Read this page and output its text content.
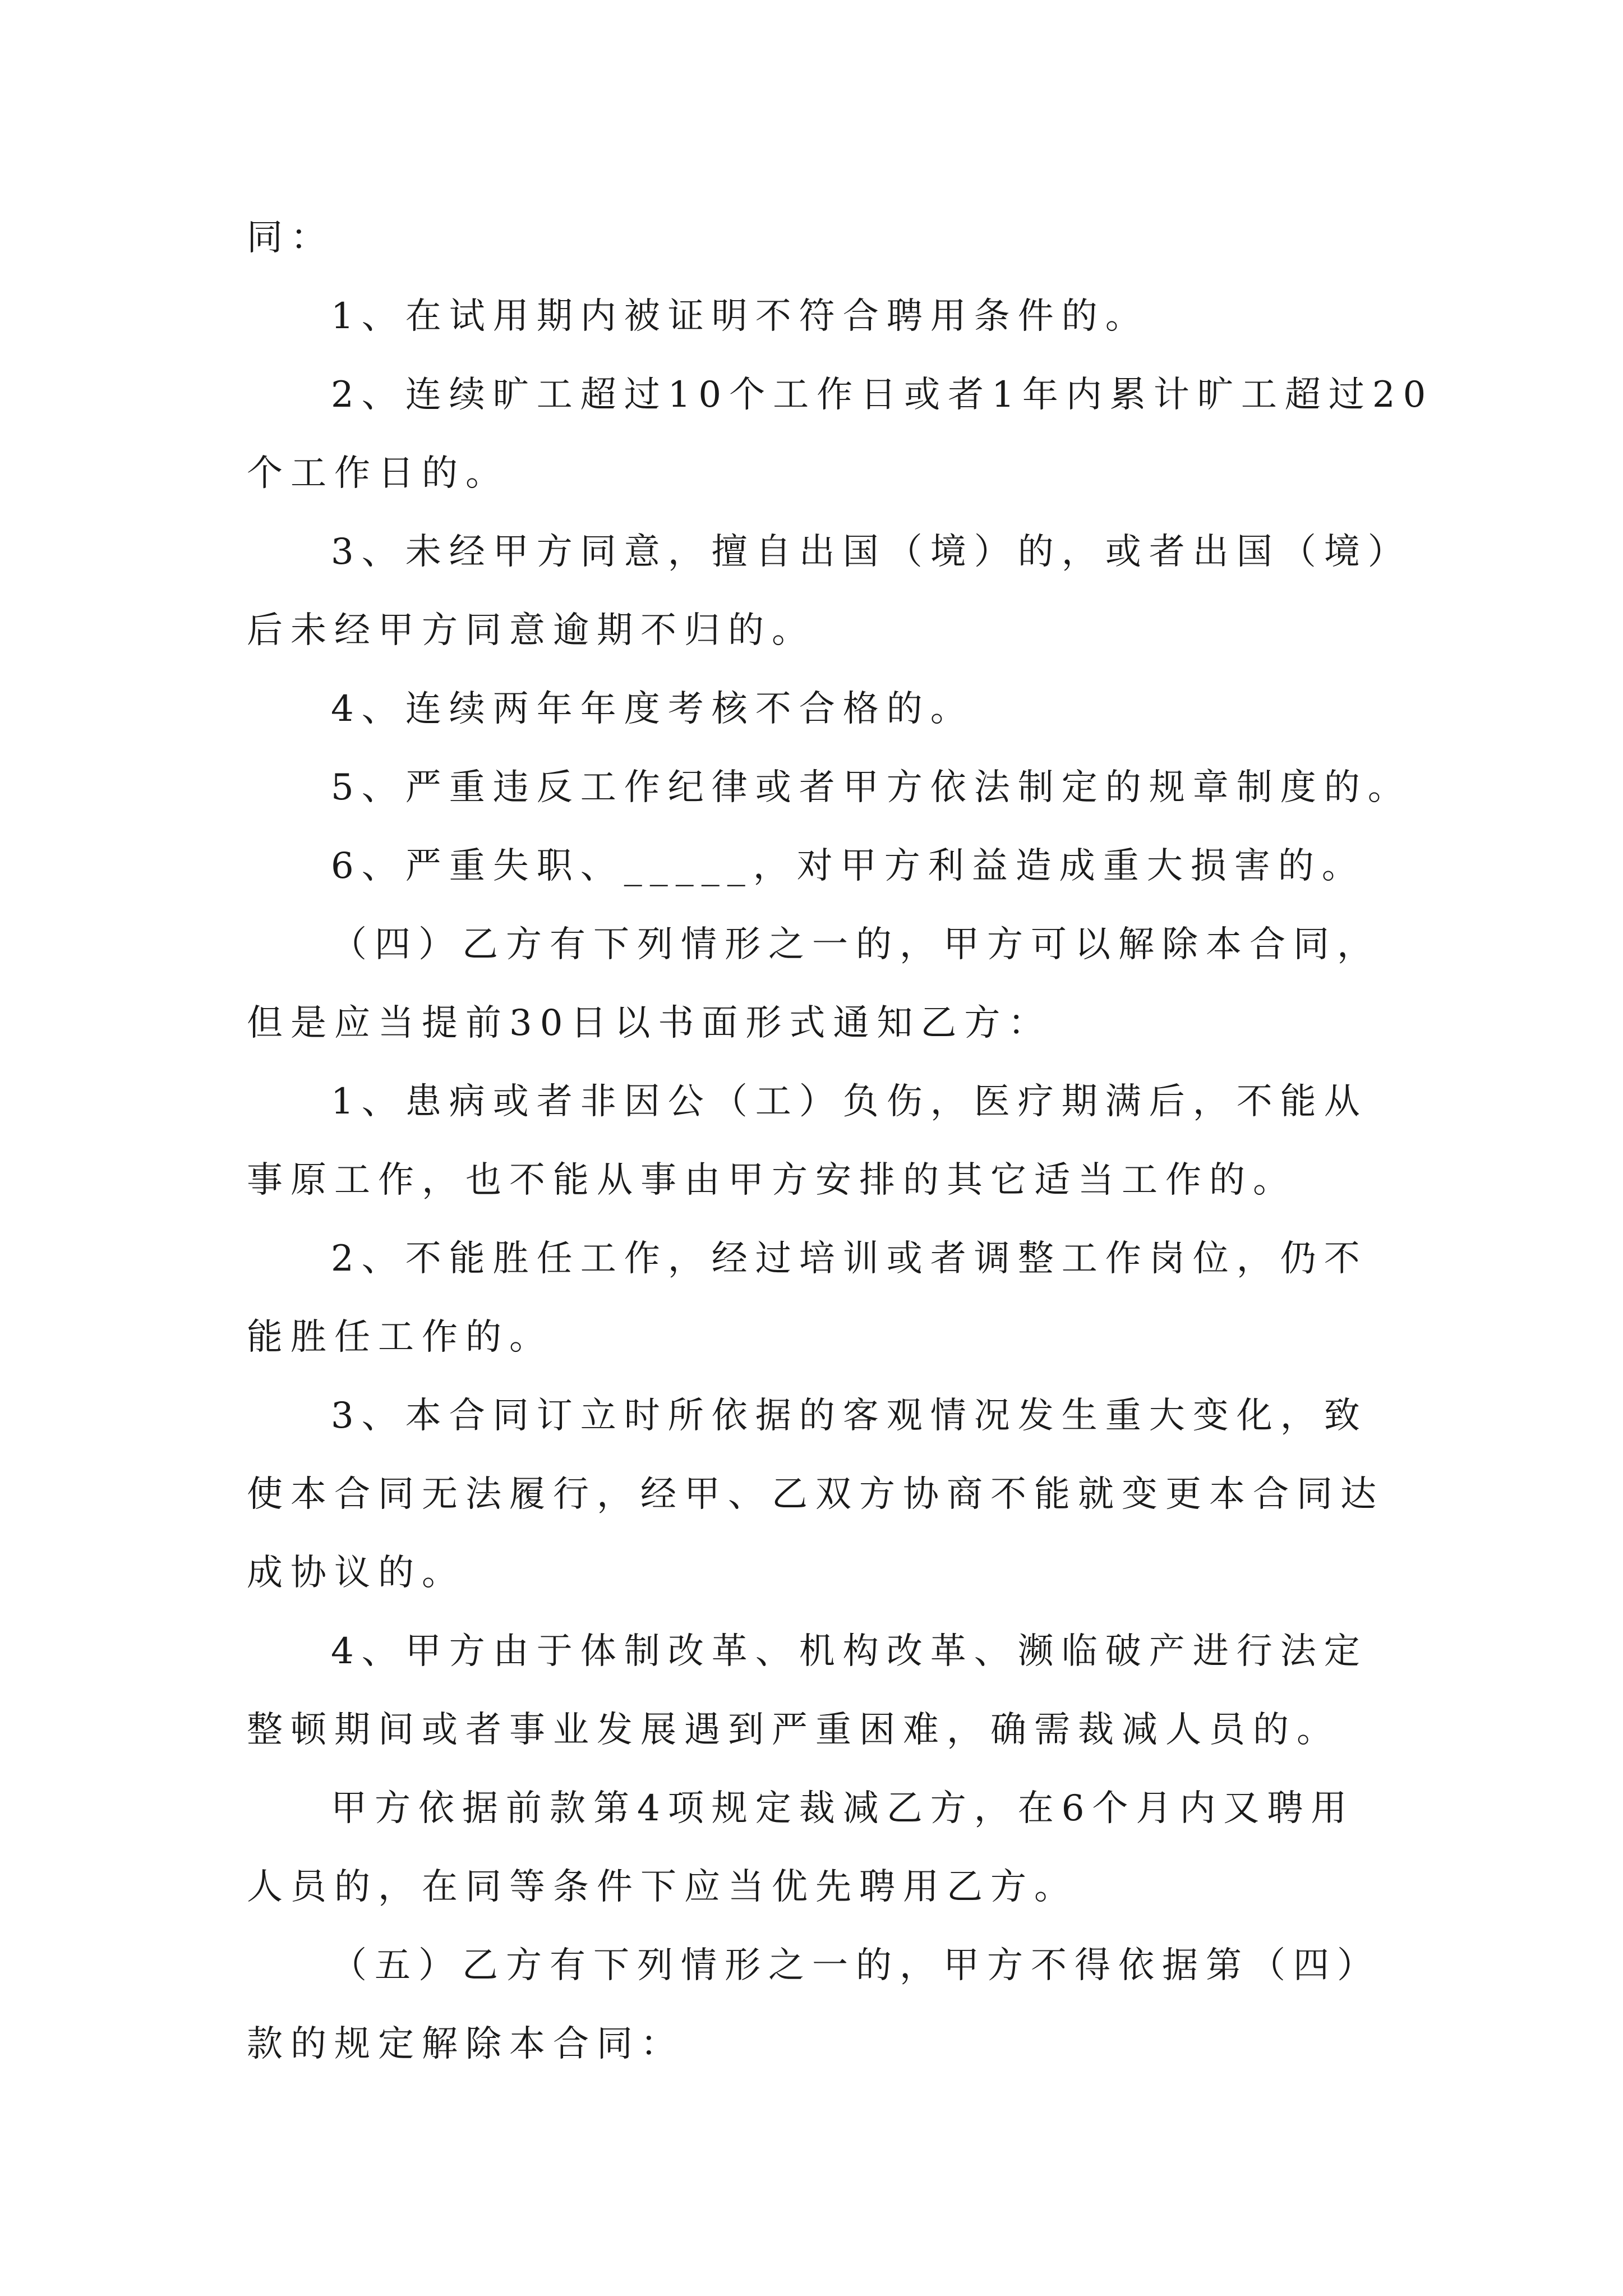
同：
1、在试用期内被证明不符合聘用条件的。
2、连续旷工超过10个工作日或者1年内累计旷工超过20
个工作日的。
3、未经甲方同意，擅自出国（境）的，或者出国（境）
后未经甲方同意逾期不归的。
4、连续两年年度考核不合格的。
5、严重违反工作纪律或者甲方依法制定的规章制度的。
6、严重失职、_____，对甲方利益造成重大损害的。
（四）乙方有下列情形之一的，甲方可以解除本合同，
但是应当提前30日以书面形式通知乙方：
1、患病或者非因公（工）负伤，医疗期满后，不能从
事原工作，也不能从事由甲方安排的其它适当工作的。
2、不能胜任工作，经过培训或者调整工作岗位，仍不
能胜任工作的。
3、本合同订立时所依据的客观情况发生重大变化，致
使本合同无法履行，经甲、乙双方协商不能就变更本合同达
成协议的。
4、甲方由于体制改革、机构改革、濒临破产进行法定
整顿期间或者事业发展遇到严重困难，确需裁减人员的。
甲方依据前款第4项规定裁减乙方，在6个月内又聘用
人员的，在同等条件下应当优先聘用乙方。
（五）乙方有下列情形之一的，甲方不得依据第（四）
款的规定解除本合同：
